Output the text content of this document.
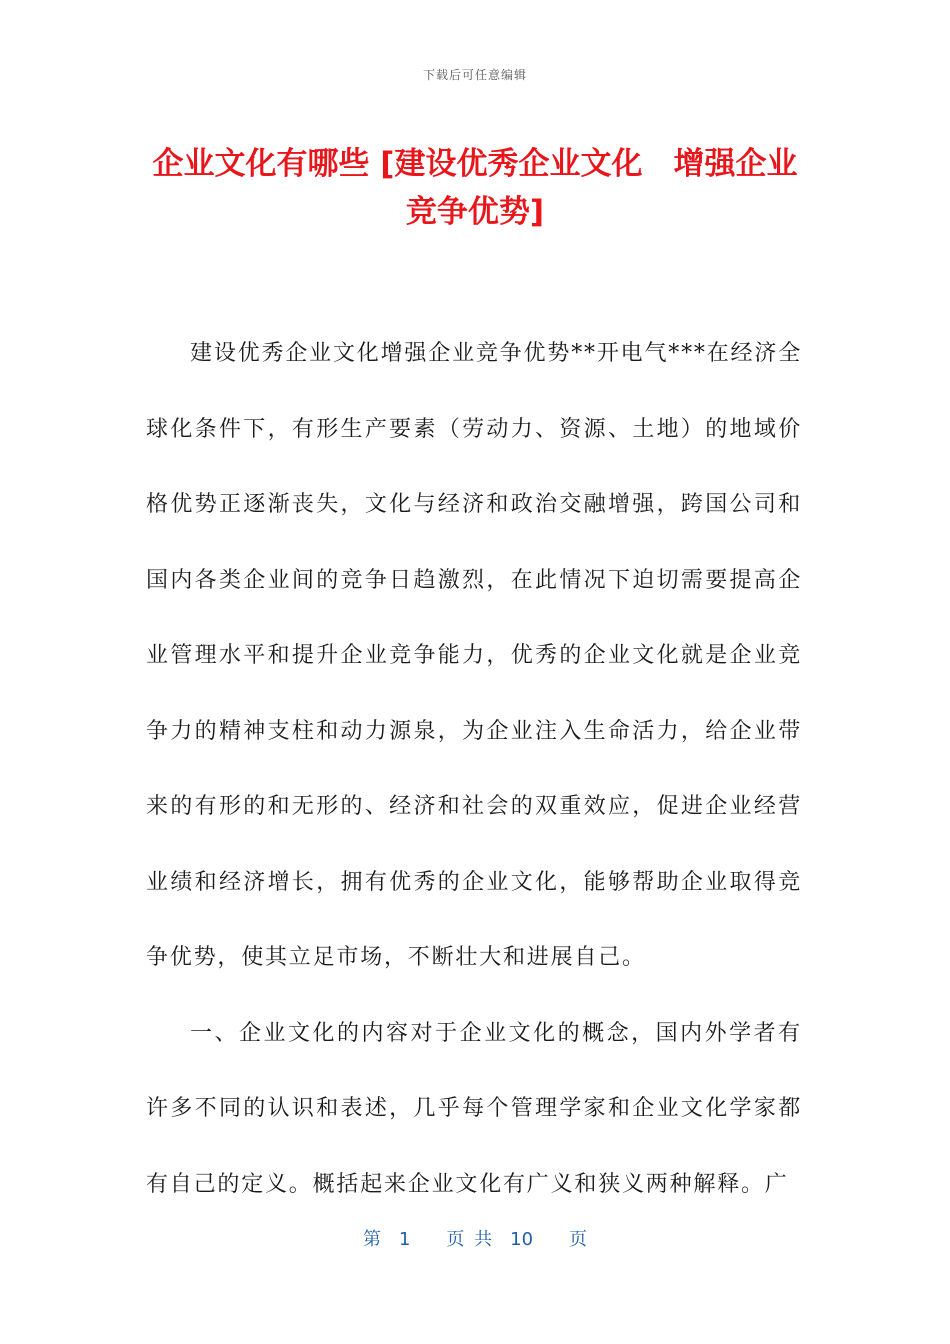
下载后可任意编辑
企业文化有哪些 [建设优秀企业文化　增强企业竞争优势]

建设优秀企业文化增强企业竞争优势**开电气***在经济全球化条件下，有形生产要素（劳动力、资源、土地）的地域价格优势正逐渐丧失，文化与经济和政治交融增强，跨国公司和国内各类企业间的竞争日趋激烈，在此情况下迫切需要提高企业管理水平和提升企业竞争能力，优秀的企业文化就是企业竞争力的精神支柱和动力源泉，为企业注入生命活力，给企业带来的有形的和无形的、经济和社会的双重效应，促进企业经营业绩和经济增长，拥有优秀的企业文化，能够帮助企业取得竞争优势，使其立足市场，不断壮大和进展自己。

一、企业文化的内容对于企业文化的概念，国内外学者有许多不同的认识和表述，几乎每个管理学家和企业文化学家都有自己的定义。概括起来企业文化有广义和狭义两种解释。广

第　1　　页 共　10　　页
